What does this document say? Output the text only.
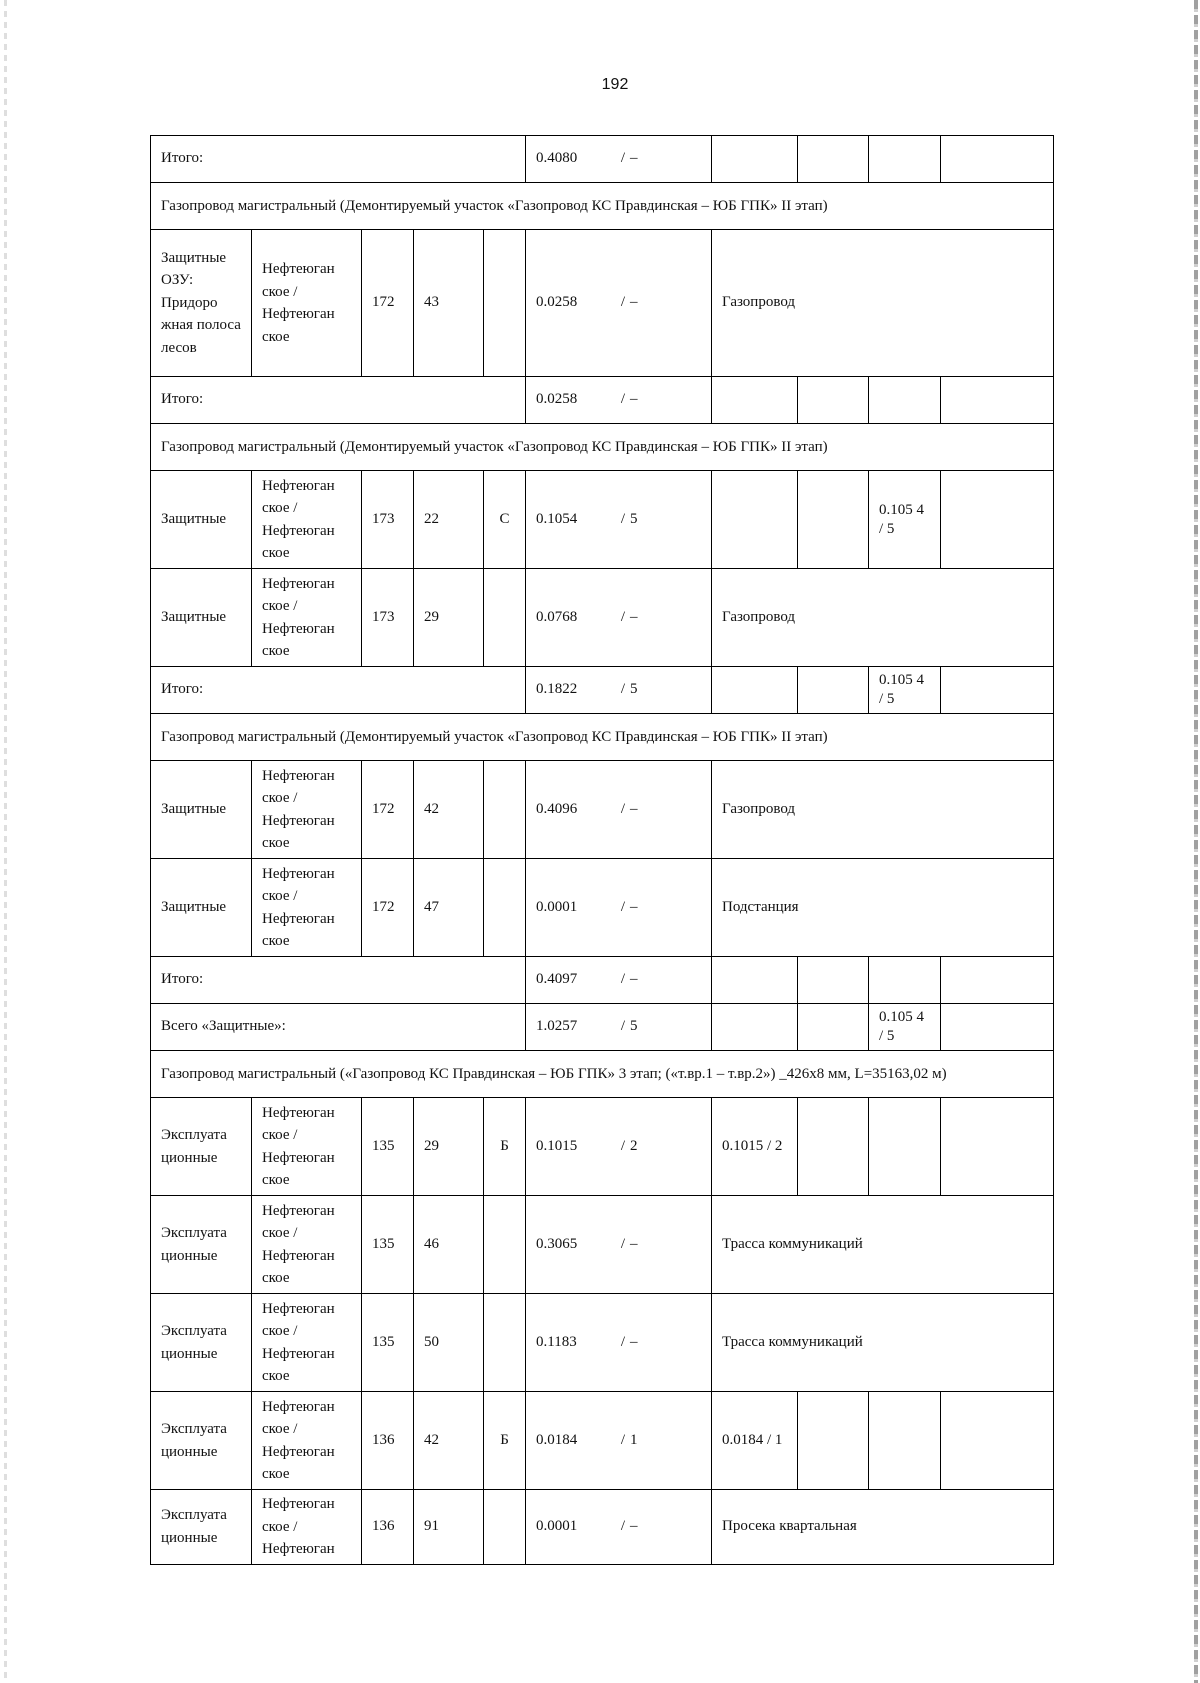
192
Итого:					0.4080 / –				
Газопровод магистральный (Демонтируемый участок «Газопровод КС Правдинская – ЮБ ГПК» II этап)									
Защитные ОЗУ: Придоро жная полоса лесов	Нефтеюган ское / Нефтеюган ское	172	43		0.0258 / –	Газопровод			
Итого:					0.0258 / –				
Газопровод магистральный (Демонтируемый участок «Газопровод КС Правдинская – ЮБ ГПК» II этап)									
Защитные	Нефтеюган ское / Нефтеюган ское	173	22	С	0.1054 / 5			0.105 4 / 5	
Защитные	Нефтеюган ское / Нефтеюган ское	173	29		0.0768 / –	Газопровод			
Итого:					0.1822 / 5			0.105 4 / 5	
Газопровод магистральный (Демонтируемый участок «Газопровод КС Правдинская – ЮБ ГПК» II этап)									
Защитные	Нефтеюган ское / Нефтеюган ское	172	42		0.4096 / –	Газопровод			
Защитные	Нефтеюган ское / Нефтеюган ское	172	47		0.0001 / –	Подстанция			
Итого:					0.4097 / –				
Всего «Защитные»:					1.0257 / 5			0.105 4 / 5	
Газопровод магистральный («Газопровод КС Правдинская – ЮБ ГПК» 3 этап; («т.вр.1 – т.вр.2») _426х8 мм, L=35163,02 м)									
Эксплуата ционные	Нефтеюган ское / Нефтеюган ское	135	29	Б	0.1015 / 2	0.1015 / 2			
Эксплуата ционные	Нефтеюган ское / Нефтеюган ское	135	46		0.3065 / –	Трасса коммуникаций			
Эксплуата ционные	Нефтеюган ское / Нефтеюган ское	135	50		0.1183 / –	Трасса коммуникаций			
Эксплуата ционные	Нефтеюган ское / Нефтеюган ское	136	42	Б	0.0184 / 1	0.0184 / 1			
Эксплуата ционные	Нефтеюган ское / Нефтеюган	136	91		0.0001 / –	Просека квартальная			
